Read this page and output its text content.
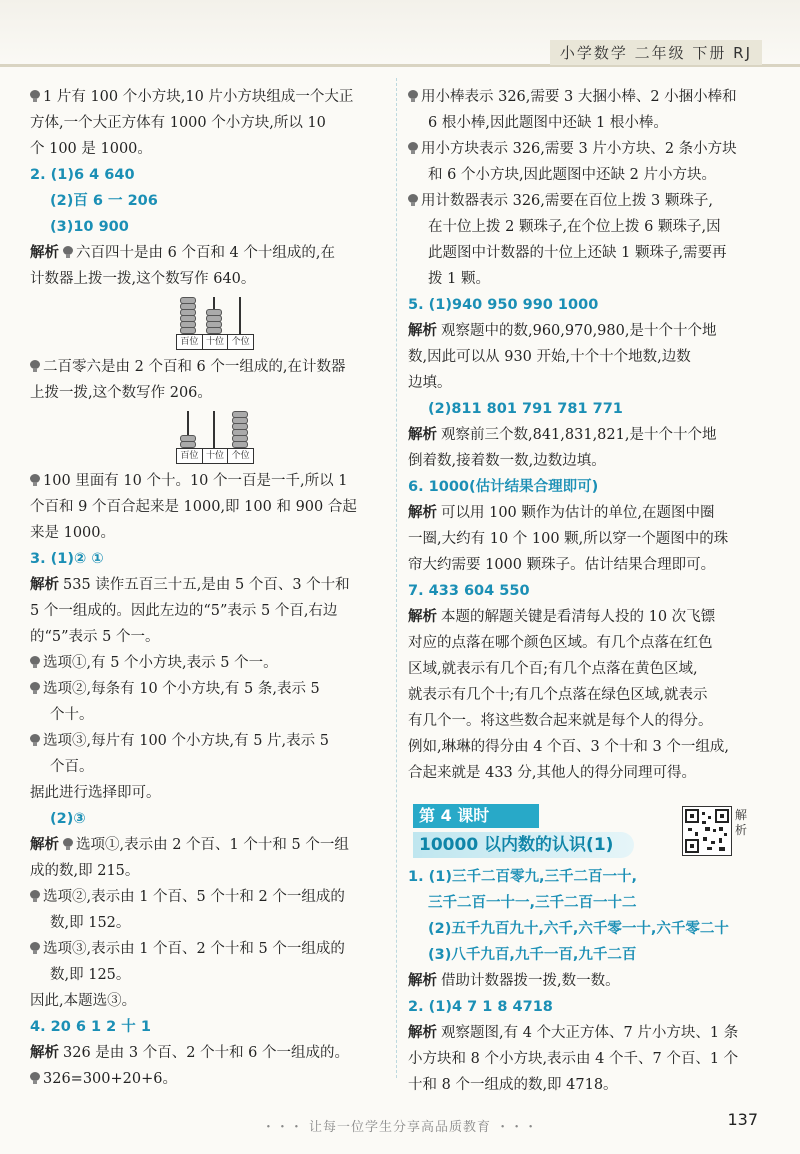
小学数学 二年级 下册 RJ
1 片有 100 个小方块,10 片小方块组成一个大正
方体,一个大正方体有 1000 个小方块,所以 10
个 100 是 1000。
2. (1)6 4 640
(2)百 6 一 206
(3)10 900
解析 六百四十是由 6 个百和 4 个十组成的,在
计数器上拨一拨,这个数写作 640。
百位 十位 个位
二百零六是由 2 个百和 6 个一组成的,在计数器
上拨一拨,这个数写作 206。
百位 十位 个位
100 里面有 10 个十。10 个一百是一千,所以 1
个百和 9 个百合起来是 1000,即 100 和 900 合起
来是 1000。
3. (1)② ①
解析 535 读作五百三十五,是由 5 个百、3 个十和
5 个一组成的。因此左边的“5”表示 5 个百,右边
的“5”表示 5 个一。
选项①,有 5 个小方块,表示 5 个一。
选项②,每条有 10 个小方块,有 5 条,表示 5
个十。
选项③,每片有 100 个小方块,有 5 片,表示 5
个百。
据此进行选择即可。
(2)③
解析 选项①,表示由 2 个百、1 个十和 5 个一组
成的数,即 215。
选项②,表示由 1 个百、5 个十和 2 个一组成的
数,即 152。
选项③,表示由 1 个百、2 个十和 5 个一组成的
数,即 125。
因此,本题选③。
4. 20 6 1 2 十 1
解析 326 是由 3 个百、2 个十和 6 个一组成的。
326=300+20+6。
用小棒表示 326,需要 3 大捆小棒、2 小捆小棒和
6 根小棒,因此题图中还缺 1 根小棒。
用小方块表示 326,需要 3 片小方块、2 条小方块
和 6 个小方块,因此题图中还缺 2 片小方块。
用计数器表示 326,需要在百位上拨 3 颗珠子,
在十位上拨 2 颗珠子,在个位上拨 6 颗珠子,因
此题图中计数器的十位上还缺 1 颗珠子,需要再
拨 1 颗。
5. (1)940 950 990 1000
解析 观察题中的数,960,970,980,是十个十个地
数,因此可以从 930 开始,十个十个地数,边数
边填。
(2)811 801 791 781 771
解析 观察前三个数,841,831,821,是十个十个地
倒着数,接着数一数,边数边填。
6. 1000(估计结果合理即可)
解析 可以用 100 颗作为估计的单位,在题图中圈
一圈,大约有 10 个 100 颗,所以穿一个题图中的珠
帘大约需要 1000 颗珠子。估计结果合理即可。
7. 433 604 550
解析 本题的解题关键是看清每人投的 10 次飞镖
对应的点落在哪个颜色区域。有几个点落在红色
区域,就表示有几个百;有几个点落在黄色区域,
就表示有几个十;有几个点落在绿色区域,就表示
有几个一。将这些数合起来就是每个人的得分。
例如,琳琳的得分由 4 个百、3 个十和 3 个一组成,
合起来就是 433 分,其他人的得分同理可得。
第 4 课时
10000 以内数的认识(1)
解析
1. (1)三千二百零九,三千二百一十,
三千二百一十一,三千二百一十二
(2)五千九百九十,六千,六千零一十,六千零二十
(3)八千九百,九千一百,九千二百
解析 借助计数器拨一拨,数一数。
2. (1)4 7 1 8 4718
解析 观察题图,有 4 个大正方体、7 片小方块、1 条
小方块和 8 个小方块,表示由 4 个千、7 个百、1 个
十和 8 个一组成的数,即 4718。
・・・ 让每一位学生分享高品质教育 ・・・	137
